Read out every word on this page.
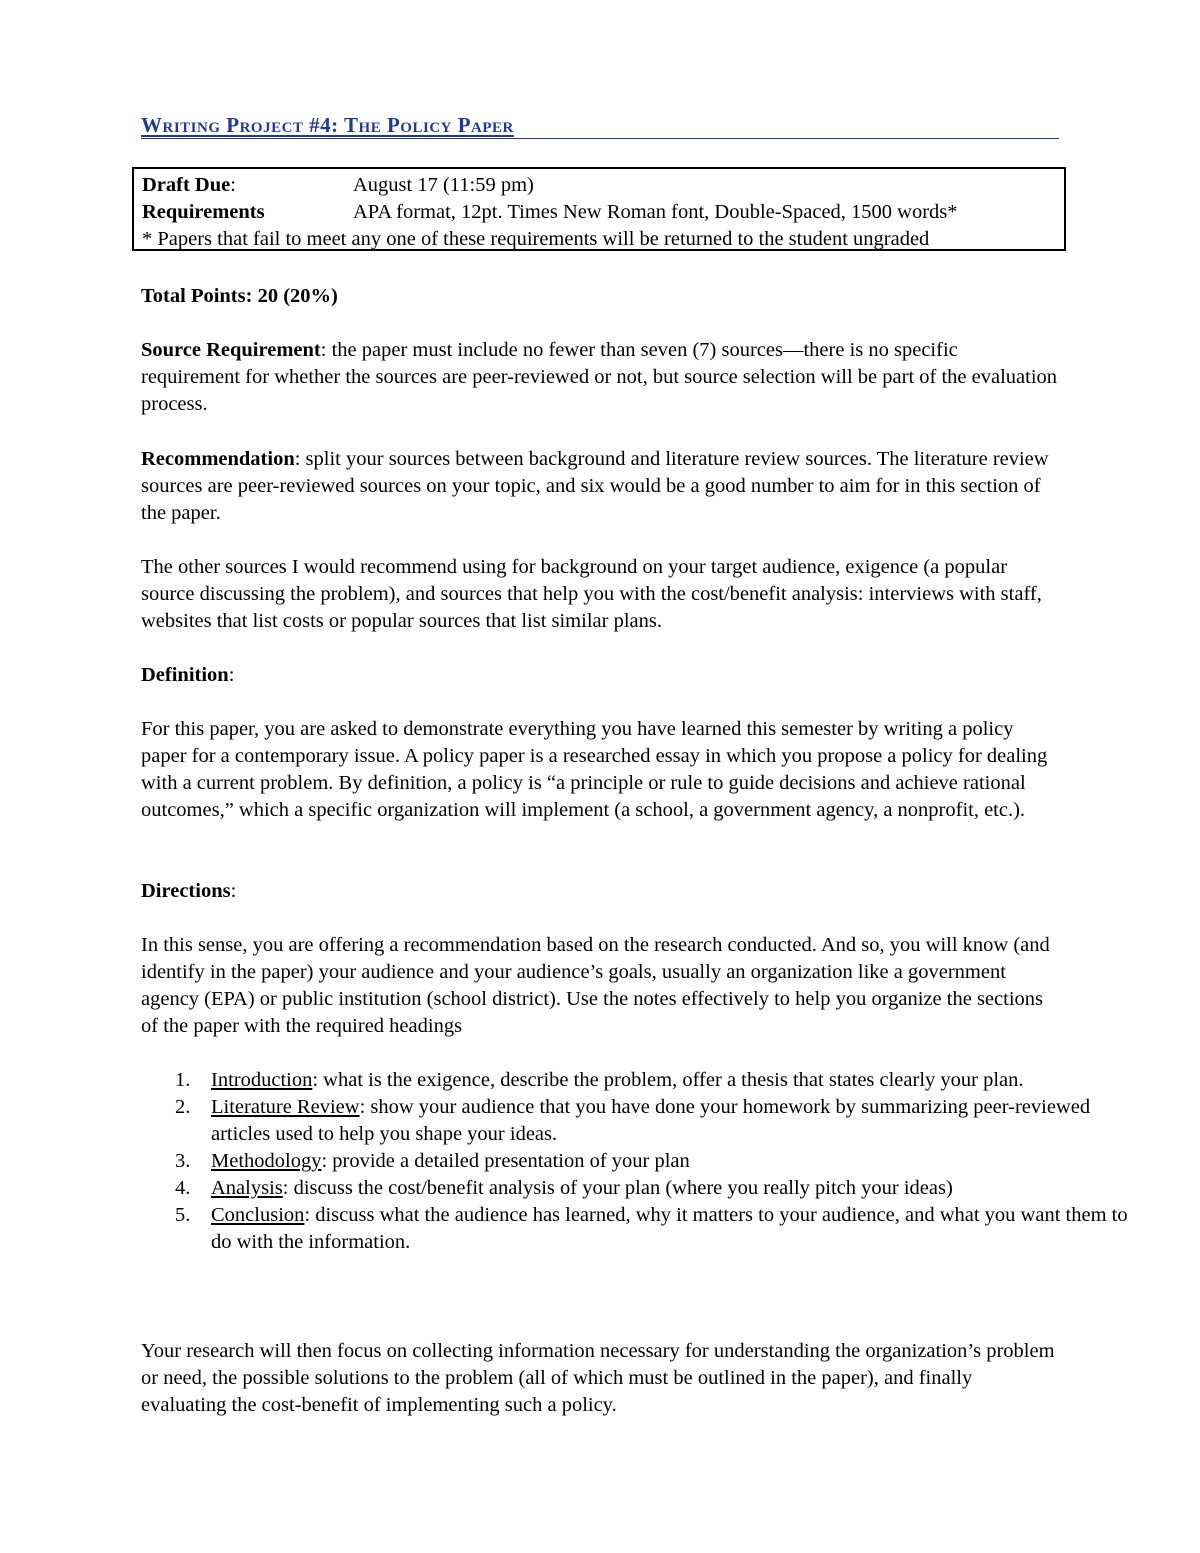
Writing Project #4: The Policy Paper
Draft Due:	August 17 (11:59 pm)
Requirements	APA format, 12pt. Times New Roman font, Double-Spaced, 1500 words*
* Papers that fail to meet any one of these requirements will be returned to the student ungraded

Total Points: 20 (20%)

Source Requirement: the paper must include no fewer than seven (7) sources—there is no specific requirement for whether the sources are peer-reviewed or not, but source selection will be part of the evaluation process.

Recommendation: split your sources between background and literature review sources. The literature review sources are peer-reviewed sources on your topic, and six would be a good number to aim for in this section of the paper.

The other sources I would recommend using for background on your target audience, exigence (a popular source discussing the problem), and sources that help you with the cost/benefit analysis: interviews with staff, websites that list costs or popular sources that list similar plans.

Definition:

For this paper, you are asked to demonstrate everything you have learned this semester by writing a policy paper for a contemporary issue. A policy paper is a researched essay in which you propose a policy for dealing with a current problem. By definition, a policy is “a principle or rule to guide decisions and achieve rational outcomes,” which a specific organization will implement (a school, a government agency, a nonprofit, etc.).

Directions:

In this sense, you are offering a recommendation based on the research conducted. And so, you will know (and identify in the paper) your audience and your audience’s goals, usually an organization like a government agency (EPA) or public institution (school district). Use the notes effectively to help you organize the sections of the paper with the required headings

1.	Introduction: what is the exigence, describe the problem, offer a thesis that states clearly your plan.
2.	Literature Review: show your audience that you have done your homework by summarizing peer-reviewed articles used to help you shape your ideas.
3.	Methodology: provide a detailed presentation of your plan
4.	Analysis: discuss the cost/benefit analysis of your plan (where you really pitch your ideas)
5.	Conclusion: discuss what the audience has learned, why it matters to your audience, and what you want them to do with the information.

Your research will then focus on collecting information necessary for understanding the organization’s problem or need, the possible solutions to the problem (all of which must be outlined in the paper), and finally evaluating the cost-benefit of implementing such a policy.
